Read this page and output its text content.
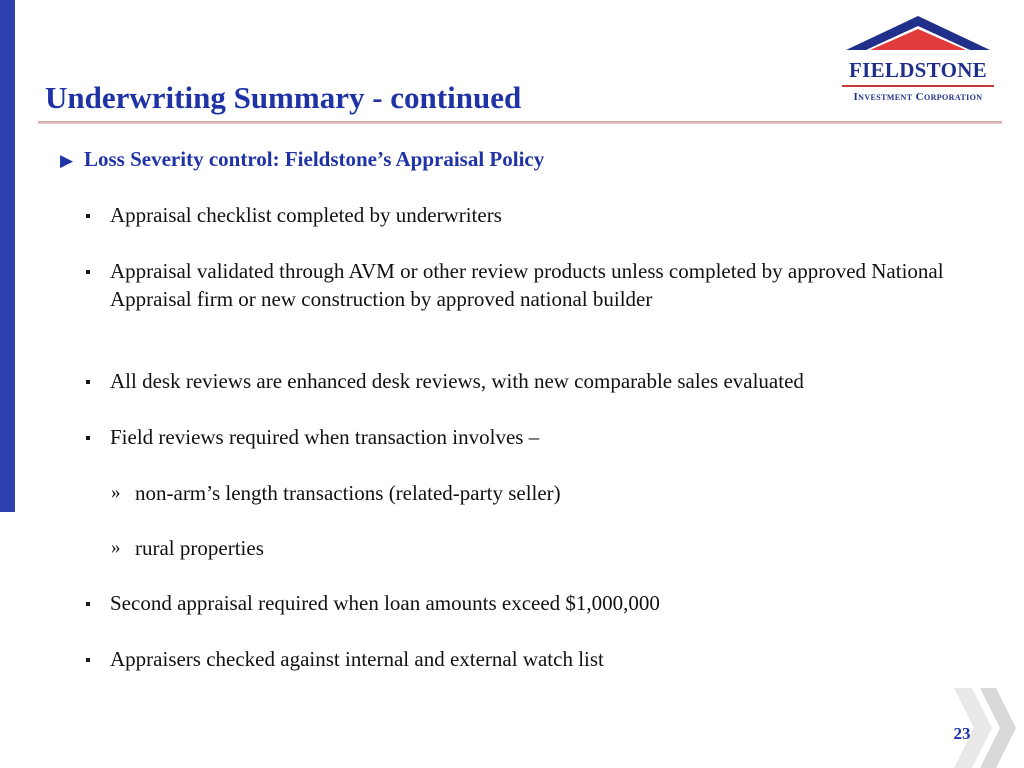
Underwriting Summary - continued
FIELDSTONE
Investment Corporation
▶ Loss Severity control: Fieldstone’s Appraisal Policy
Appraisal checklist completed by underwriters
Appraisal validated through AVM or other review products unless completed by approved National Appraisal firm or new construction by approved national builder
All desk reviews are enhanced desk reviews, with new comparable sales evaluated
Field reviews required when transaction involves –
» non-arm’s length transactions (related-party seller)
» rural properties
Second appraisal required when loan amounts exceed $1,000,000
Appraisers checked against internal and external watch list
23
